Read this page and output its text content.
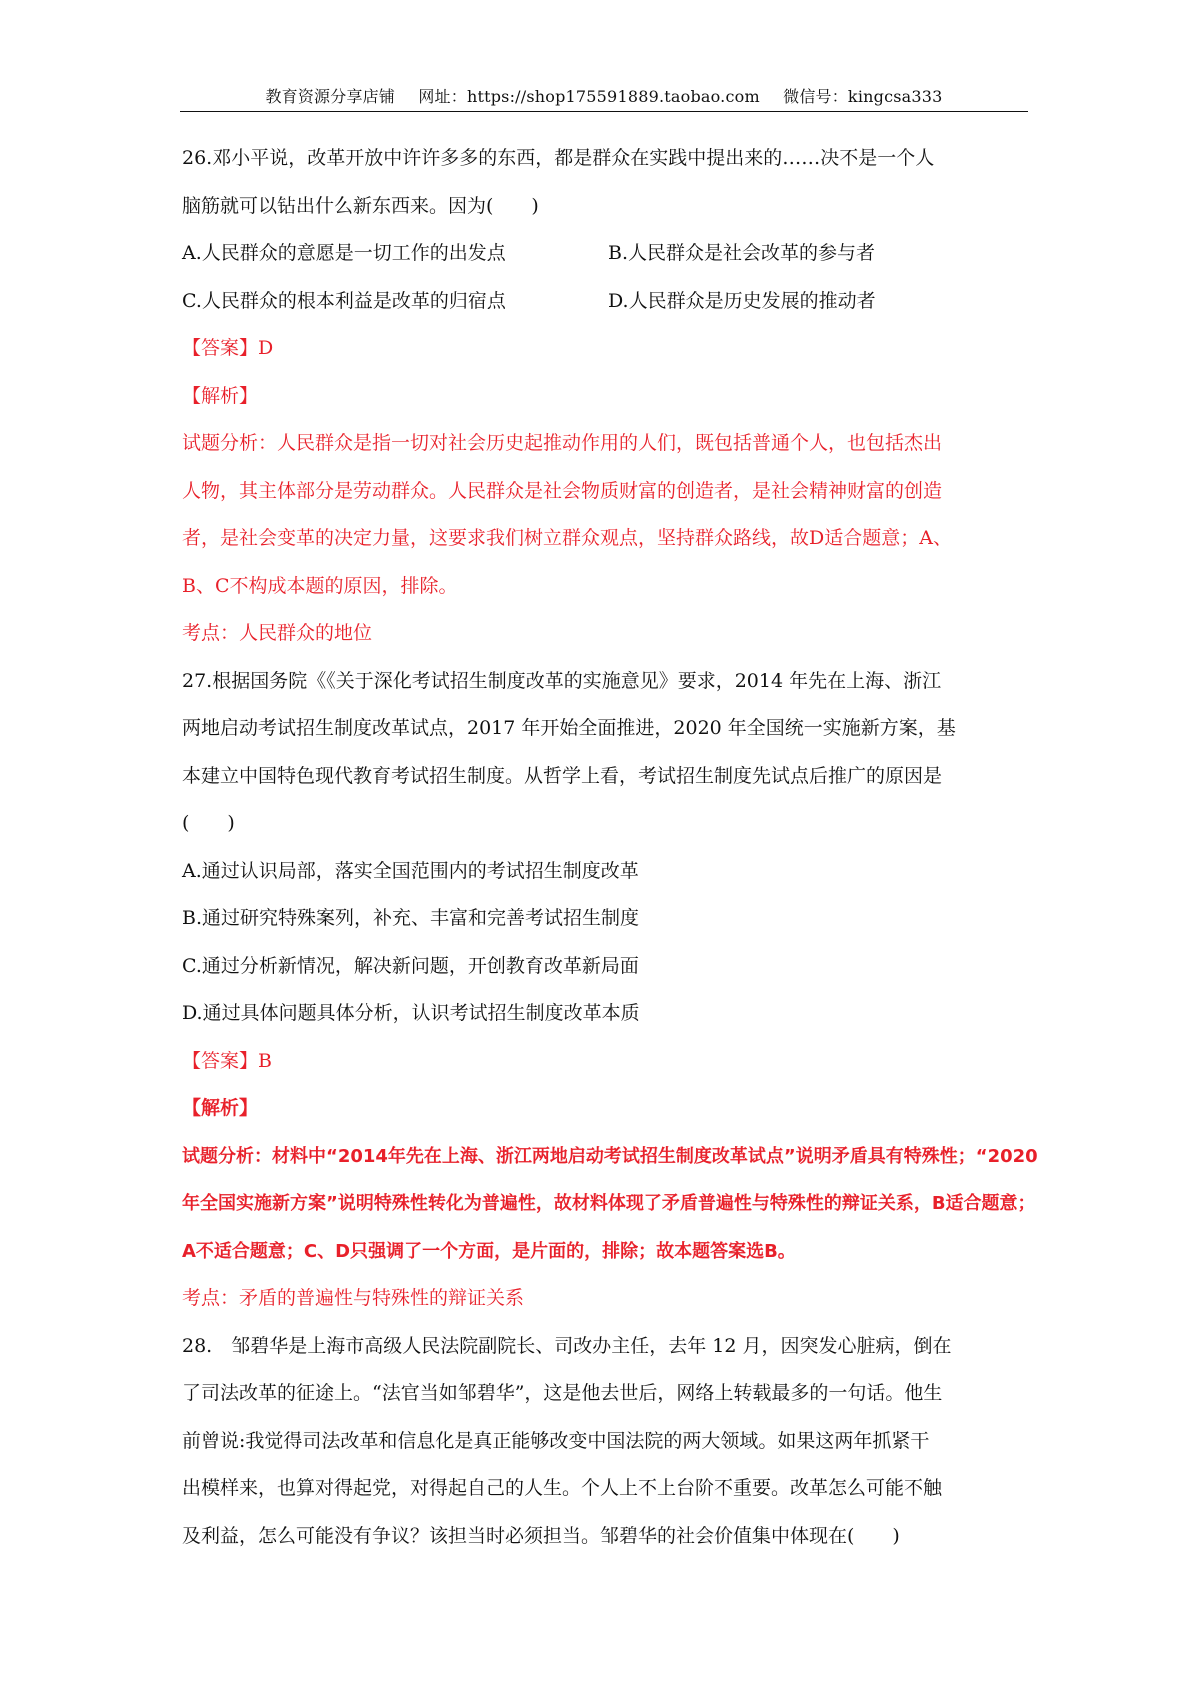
教育资源分享店铺 网址：https://shop175591889.taobao.com 微信号：kingcsa333
26.邓小平说，改革开放中许许多多的东西，都是群众在实践中提出来的……决不是一个人
脑筋就可以钻出什么新东西来。因为(　　)
A.人民群众的意愿是一切工作的出发点	B.人民群众是社会改革的参与者
C.人民群众的根本利益是改革的归宿点	D.人民群众是历史发展的推动者
【答案】D
【解析】
试题分析：人民群众是指一切对社会历史起推动作用的人们，既包括普通个人，也包括杰出
人物，其主体部分是劳动群众。人民群众是社会物质财富的创造者，是社会精神财富的创造
者，是社会变革的决定力量，这要求我们树立群众观点，坚持群众路线，故D适合题意；A、
B、C不构成本题的原因，排除。
考点：人民群众的地位
27.根据国务院《《关于深化考试招生制度改革的实施意见》要求，2014 年先在上海、浙江
两地启动考试招生制度改革试点，2017 年开始全面推进，2020 年全国统一实施新方案，基
本建立中国特色现代教育考试招生制度。从哲学上看，考试招生制度先试点后推广的原因是
(　　)
A.通过认识局部，落实全国范围内的考试招生制度改革
B.通过研究特殊案列，补充、丰富和完善考试招生制度
C.通过分析新情况，解决新问题，开创教育改革新局面
D.通过具体问题具体分析，认识考试招生制度改革本质
【答案】B
【解析】
试题分析：材料中“2014年先在上海、浙江两地启动考试招生制度改革试点”说明矛盾具有特殊性；“2020
年全国实施新方案”说明特殊性转化为普遍性，故材料体现了矛盾普遍性与特殊性的辩证关系，B适合题意；
A不适合题意；C、D只强调了一个方面，是片面的，排除；故本题答案选B。
考点：矛盾的普遍性与特殊性的辩证关系
28.　邹碧华是上海市高级人民法院副院长、司改办主任，去年 12 月，因突发心脏病，倒在
了司法改革的征途上。“法官当如邹碧华”，这是他去世后，网络上转载最多的一句话。他生
前曾说:我觉得司法改革和信息化是真正能够改变中国法院的两大领域。如果这两年抓紧干
出模样来，也算对得起党，对得起自己的人生。个人上不上台阶不重要。改革怎么可能不触
及利益，怎么可能没有争议？该担当时必须担当。邹碧华的社会价值集中体现在(　　)
